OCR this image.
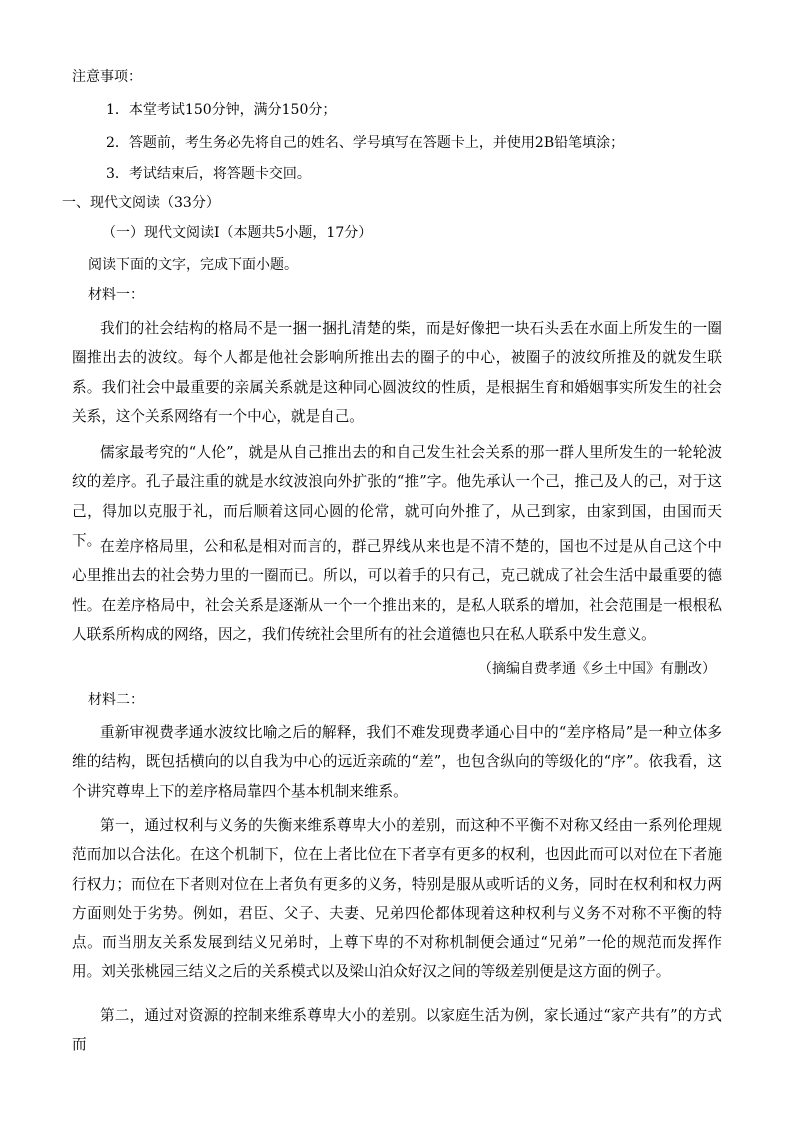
注意事项：
1．本堂考试150分钟，满分150分；
2．答题前，考生务必先将自己的姓名、学号填写在答题卡上，并使用2B铅笔填涂；
3．考试结束后，将答题卡交回。
一、现代文阅读（33分）
（一）现代文阅读Ⅰ（本题共5小题，17分）
阅读下面的文字，完成下面小题。
材料一：
我们的社会结构的格局不是一捆一捆扎清楚的柴，而是好像把一块石头丢在水面上所发生的一圈圈推出去的波纹。每个人都是他社会影响所推出去的圈子的中心，被圈子的波纹所推及的就发生联系。我们社会中最重要的亲属关系就是这种同心圆波纹的性质，是根据生育和婚姻事实所发生的社会关系，这个关系网络有一个中心，就是自己。
儒家最考究的“人伦”，就是从自己推出去的和自己发生社会关系的那一群人里所发生的一轮轮波纹的差序。孔子最注重的就是水纹波浪向外扩张的“推”字。他先承认一个己，推己及人的己，对于这己，得加以克服于礼，而后顺着这同心圆的伦常，就可向外推了，从己到家，由家到国，由国而天下。
在差序格局里，公和私是相对而言的，群己界线从来也是不清不楚的，国也不过是从自己这个中心里推出去的社会势力里的一圈而已。所以，可以着手的只有己，克己就成了社会生活中最重要的德性。在差序格局中，社会关系是逐渐从一个一个推出来的，是私人联系的增加，社会范围是一根根私人联系所构成的网络，因之，我们传统社会里所有的社会道德也只在私人联系中发生意义。
（摘编自费孝通《乡土中国》有删改）
材料二：
重新审视费孝通水波纹比喻之后的解释，我们不难发现费孝通心目中的“差序格局”是一种立体多维的结构，既包括横向的以自我为中心的远近亲疏的“差”，也包含纵向的等级化的“序”。依我看，这个讲究尊卑上下的差序格局靠四个基本机制来维系。
第一，通过权利与义务的失衡来维系尊卑大小的差别，而这种不平衡不对称又经由一系列伦理规范而加以合法化。在这个机制下，位在上者比位在下者享有更多的权利，也因此而可以对位在下者施行权力；而位在下者则对位在上者负有更多的义务，特别是服从或听话的义务，同时在权利和权力两方面则处于劣势。例如，君臣、父子、夫妻、兄弟四伦都体现着这种权利与义务不对称不平衡的特点。而当朋友关系发展到结义兄弟时，上尊下卑的不对称机制便会通过“兄弟”一伦的规范而发挥作用。刘关张桃园三结义之后的关系模式以及梁山泊众好汉之间的等级差别便是这方面的例子。
第二，通过对资源的控制来维系尊卑大小的差别。以家庭生活为例，家长通过“家产共有”的方式而
